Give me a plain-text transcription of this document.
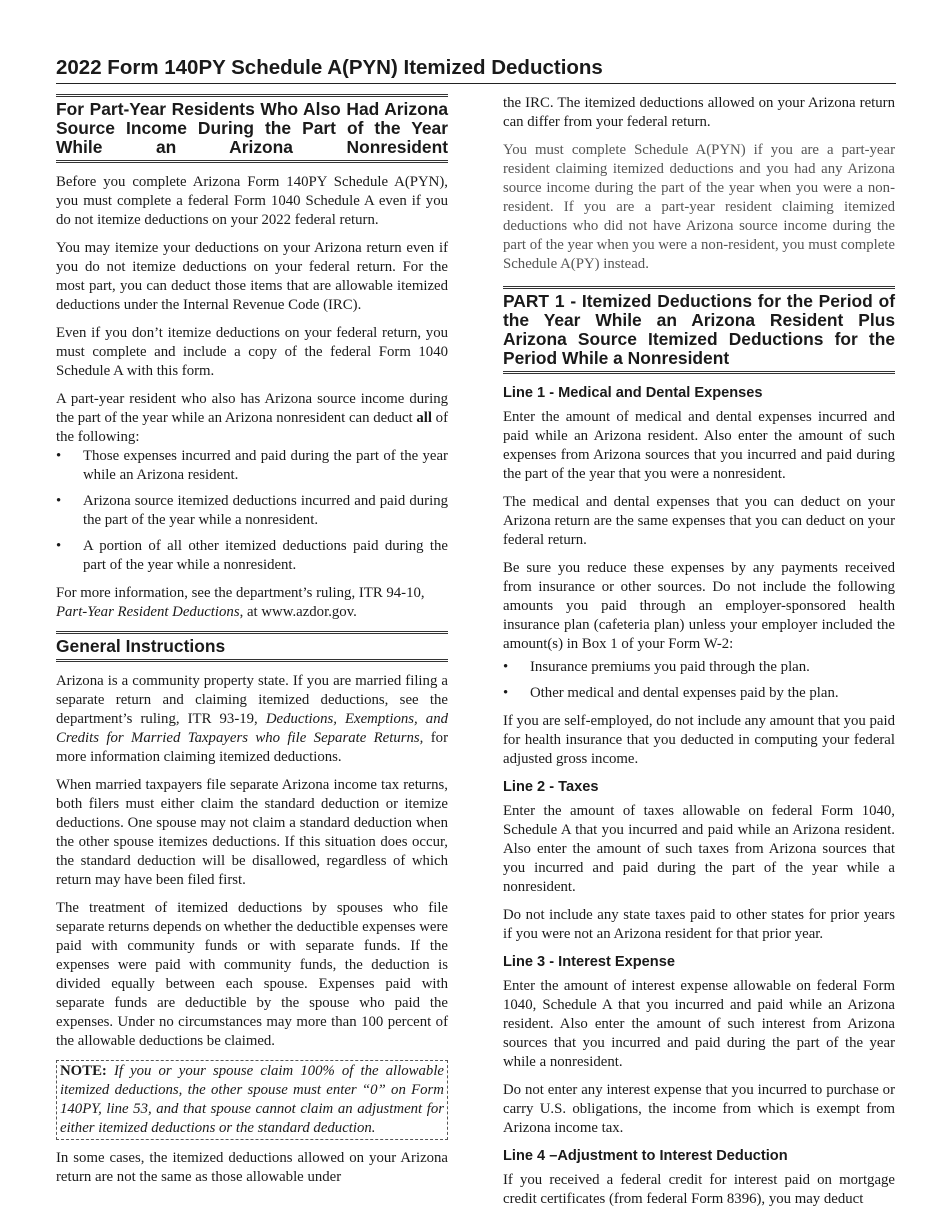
2022 Form 140PY Schedule A(PYN) Itemized Deductions
For Part-Year Residents Who Also Had Arizona Source Income During the Part of the Year While an Arizona Nonresident

Before you complete Arizona Form 140PY Schedule A(PYN), you must complete a federal Form 1040 Schedule A even if you do not itemize deductions on your 2022 federal return.

You may itemize your deductions on your Arizona return even if you do not itemize deductions on your federal return. For the most part, you can deduct those items that are allowable itemized deductions under the Internal Revenue Code (IRC).

Even if you don’t itemize deductions on your federal return, you must complete and include a copy of the federal Form 1040 Schedule A with this form.

A part-year resident who also has Arizona source income during the part of the year while an Arizona nonresident can deduct all of the following:

• Those expenses incurred and paid during the part of the year while an Arizona resident.
• Arizona source itemized deductions incurred and paid during the part of the year while a nonresident.
• A portion of all other itemized deductions paid during the part of the year while a nonresident.

For more information, see the department’s ruling, ITR 94-10, Part-Year Resident Deductions, at www.azdor.gov.

General Instructions

Arizona is a community property state. If you are married filing a separate return and claiming itemized deductions, see the department’s ruling, ITR 93-19, Deductions, Exemptions, and Credits for Married Taxpayers who file Separate Returns, for more information claiming itemized deductions.

When married taxpayers file separate Arizona income tax returns, both filers must either claim the standard deduction or itemize deductions. One spouse may not claim a standard deduction when the other spouse itemizes deductions. If this situation does occur, the standard deduction will be disallowed, regardless of which return may have been filed first.

The treatment of itemized deductions by spouses who file separate returns depends on whether the deductible expenses were paid with community funds or with separate funds. If the expenses were paid with community funds, the deduction is divided equally between each spouse. Expenses paid with separate funds are deductible by the spouse who paid the expenses. Under no circumstances may more than 100 percent of the allowable deductions be claimed.

NOTE: If you or your spouse claim 100% of the allowable itemized deductions, the other spouse must enter “0” on Form 140PY, line 53, and that spouse cannot claim an adjustment for either itemized deductions or the standard deduction.

In some cases, the itemized deductions allowed on your Arizona return are not the same as those allowable under

the IRC. The itemized deductions allowed on your Arizona return can differ from your federal return.

You must complete Schedule A(PYN) if you are a part-year resident claiming itemized deductions and you had any Arizona source income during the part of the year when you were a non-resident. If you are a part-year resident claiming itemized deductions who did not have Arizona source income during the part of the year when you were a non-resident, you must complete Schedule A(PY) instead.

PART 1 - Itemized Deductions for the Period of the Year While an Arizona Resident Plus Arizona Source Itemized Deductions for the Period While a Nonresident
Line 1 - Medical and Dental Expenses

Enter the amount of medical and dental expenses incurred and paid while an Arizona resident. Also enter the amount of such expenses from Arizona sources that you incurred and paid during the part of the year that you were a nonresident.

The medical and dental expenses that you can deduct on your Arizona return are the same expenses that you can deduct on your federal return.

Be sure you reduce these expenses by any payments received from insurance or other sources. Do not include the following amounts you paid through an employer-sponsored health insurance plan (cafeteria plan) unless your employer included the amount(s) in Box 1 of your Form W-2:

• Insurance premiums you paid through the plan.
• Other medical and dental expenses paid by the plan.

If you are self-employed, do not include any amount that you paid for health insurance that you deducted in computing your federal adjusted gross income.

Line 2 - Taxes

Enter the amount of taxes allowable on federal Form 1040, Schedule A that you incurred and paid while an Arizona resident. Also enter the amount of such taxes from Arizona sources that you incurred and paid during the part of the year while a nonresident.

Do not include any state taxes paid to other states for prior years if you were not an Arizona resident for that prior year.

Line 3 - Interest Expense

Enter the amount of interest expense allowable on federal Form 1040, Schedule A that you incurred and paid while an Arizona resident. Also enter the amount of such interest from Arizona sources that you incurred and paid during the part of the year while a nonresident.

Do not enter any interest expense that you incurred to purchase or carry U.S. obligations, the income from which is exempt from Arizona income tax.

Line 4 –Adjustment to Interest Deduction

If you received a federal credit for interest paid on mortgage credit certificates (from federal Form 8396), you may deduct
